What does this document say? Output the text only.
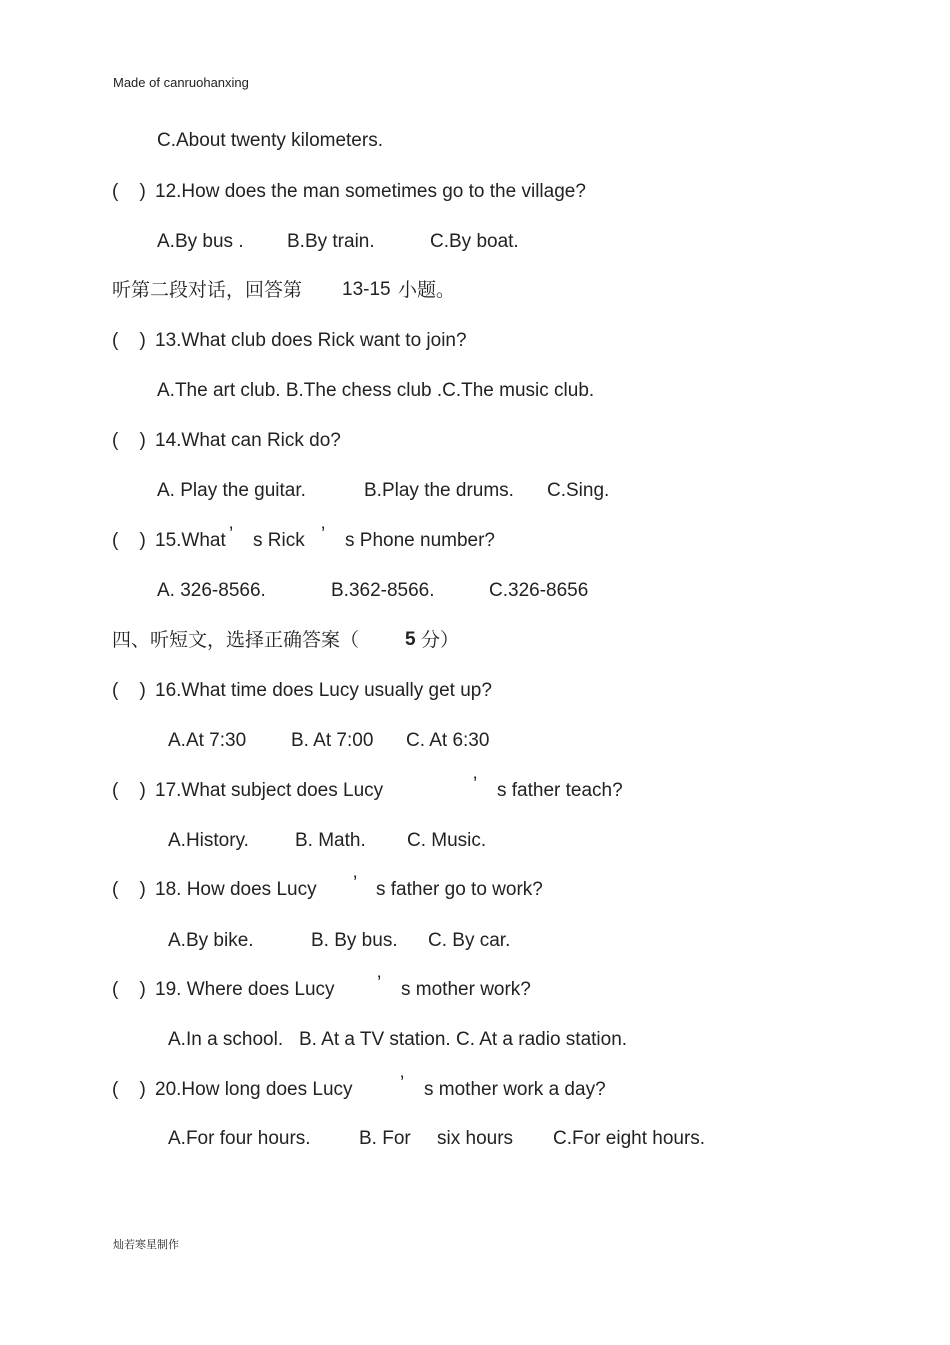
Made of canruohanxing
C.About twenty kilometers.
(    ) 12.How does the man sometimes go to the village?
A.By bus . B.By train.	C.By boat.
听第二段对话，回答第 13-15 小题。
(    ) 13.What club does Rick want to join?
A.The art club. B.The chess club .C.The music club.
(    ) 14.What can Rick do?
A. Play the guitar.	B.Play the drums. C.Sing.
(    ) 15.What ’ s Rick ’ s Phone number?
A. 326-8566.	B.362-8566.	C.326-8656
四、听短文，选择正确答案（ 5 分）
(    ) 16.What time does Lucy usually get up?
A.At 7:30 B. At 7:00 C. At 6:30
(    ) 17.What subject does Lucy	’ s father teach?
A.History. B. Math. C. Music.
(    ) 18. How does Lucy ’ s father go to work?
A.By bike.	B. By bus. C. By car.
(    ) 19. Where does Lucy ’ s mother work?
A.In a school.   B. At a TV station. C. At a radio station.
(    ) 20.How long does Lucy ’ s mother work a day?
A.For four hours.	B. For six hours C.For eight hours.
灿若寒星制作
